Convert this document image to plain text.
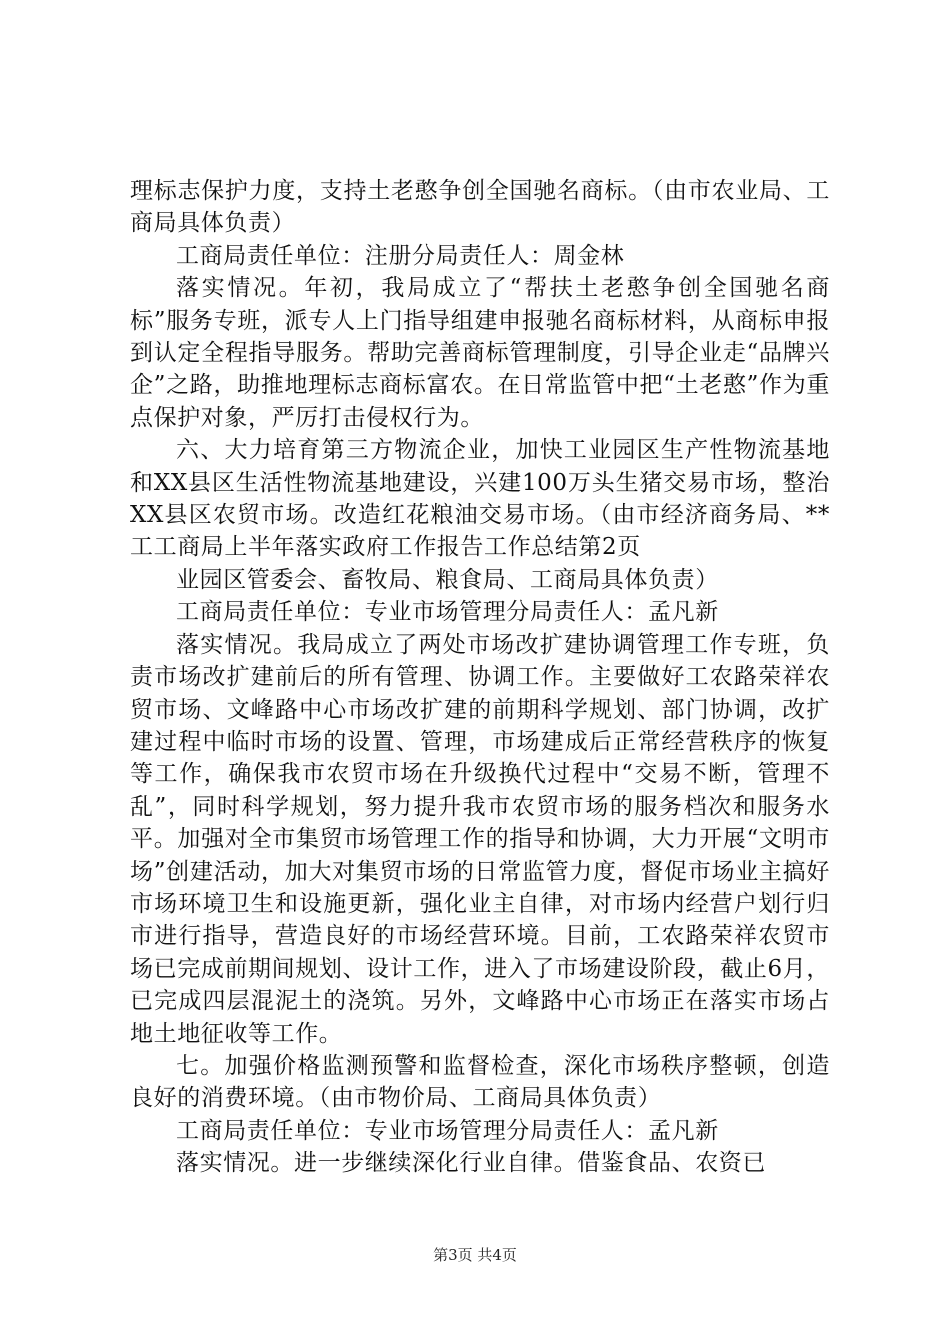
理标志保护力度，支持土老憨争创全国驰名商标。（由市农业局、工商局具体负责）

工商局责任单位：注册分局责任人：周金林

落实情况。年初，我局成立了“帮扶土老憨争创全国驰名商标”服务专班，派专人上门指导组建申报驰名商标材料，从商标申报到认定全程指导服务。帮助完善商标管理制度，引导企业走“品牌兴企”之路，助推地理标志商标富农。在日常监管中把“土老憨”作为重点保护对象，严厉打击侵权行为。

六、大力培育第三方物流企业，加快工业园区生产性物流基地和XX县区生活性物流基地建设，兴建100万头生猪交易市场，整治XX县区农贸市场。改造红花粮油交易市场。（由市经济商务局、**工工商局上半年落实政府工作报告工作总结第2页

业园区管委会、畜牧局、粮食局、工商局具体负责）

工商局责任单位：专业市场管理分局责任人：孟凡新

落实情况。我局成立了两处市场改扩建协调管理工作专班，负责市场改扩建前后的所有管理、协调工作。主要做好工农路荣祥农贸市场、文峰路中心市场改扩建的前期科学规划、部门协调，改扩建过程中临时市场的设置、管理，市场建成后正常经营秩序的恢复等工作，确保我市农贸市场在升级换代过程中“交易不断，管理不乱”，同时科学规划，努力提升我市农贸市场的服务档次和服务水平。加强对全市集贸市场管理工作的指导和协调，大力开展“文明市场”创建活动，加大对集贸市场的日常监管力度，督促市场业主搞好市场环境卫生和设施更新，强化业主自律，对市场内经营户划行归市进行指导，营造良好的市场经营环境。目前，工农路荣祥农贸市场已完成前期间规划、设计工作，进入了市场建设阶段，截止6月，已完成四层混泥土的浇筑。另外，文峰路中心市场正在落实市场占地土地征收等工作。

七。加强价格监测预警和监督检查，深化市场秩序整顿，创造良好的消费环境。（由市物价局、工商局具体负责）

工商局责任单位：专业市场管理分局责任人：孟凡新

落实情况。进一步继续深化行业自律。借鉴食品、农资已

第3页 共4页
